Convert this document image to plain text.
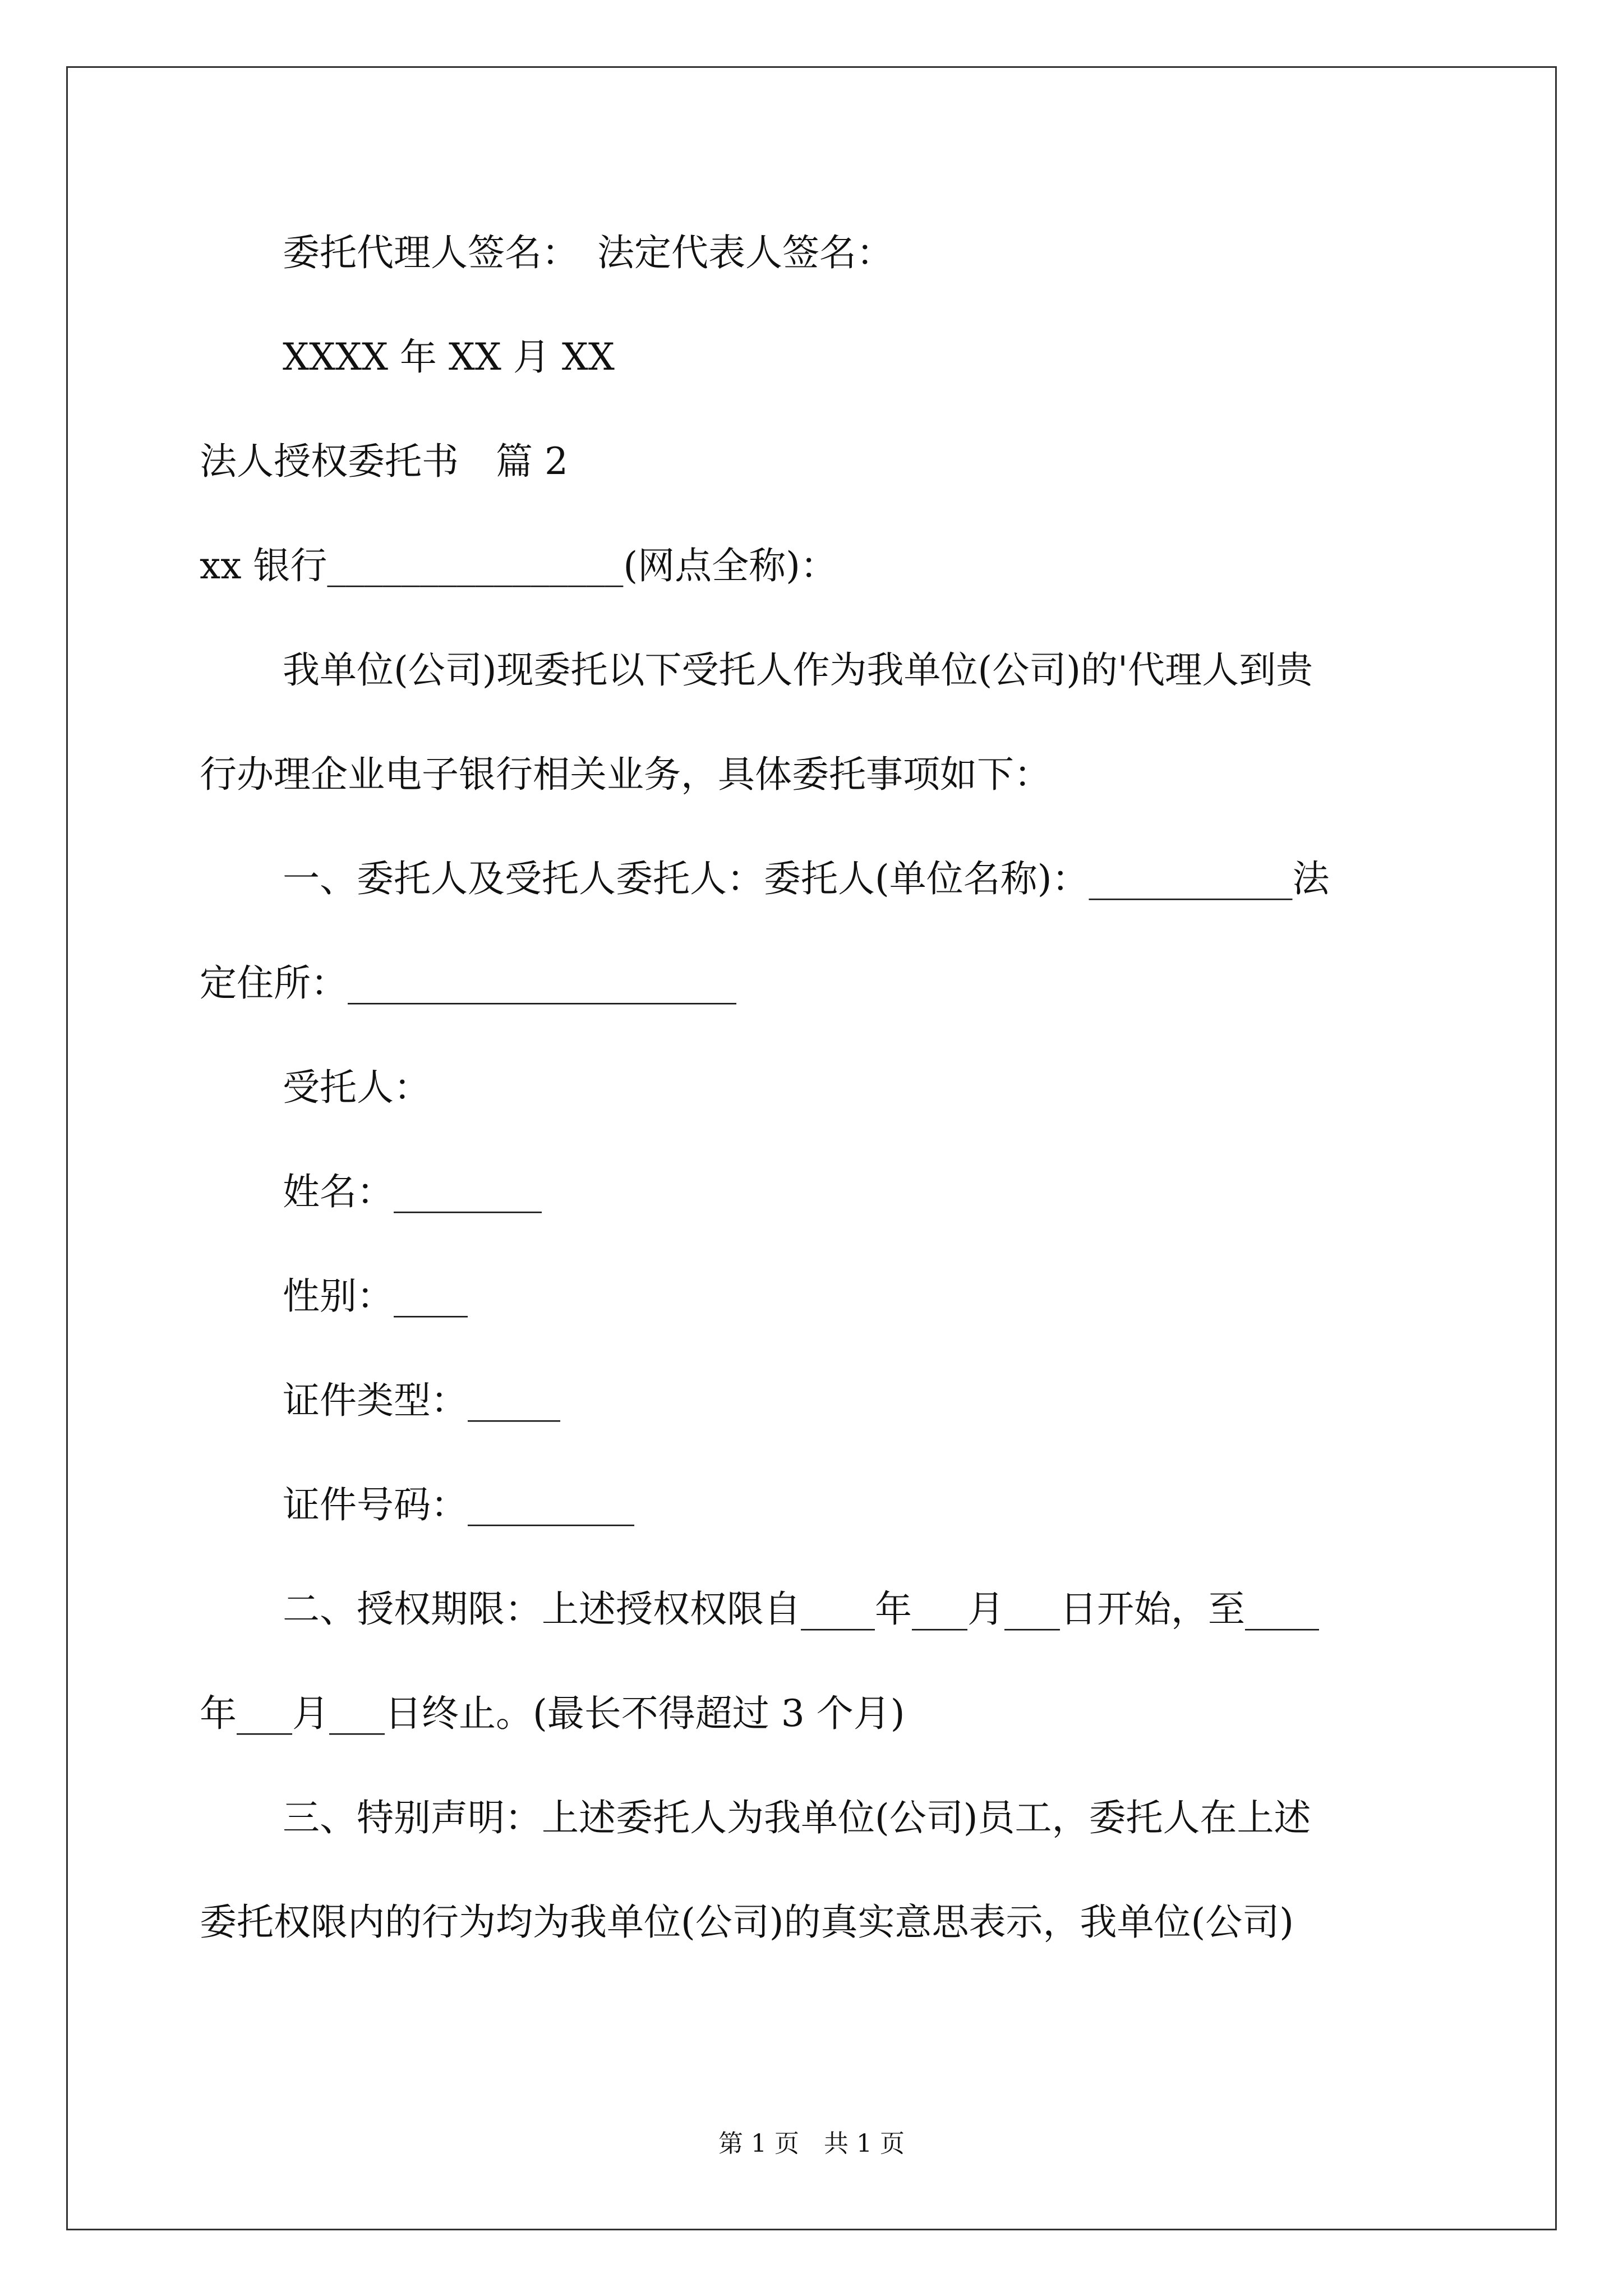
委托代理人签名：　法定代表人签名：
XXXX 年 XX 月 XX
法人授权委托书　篇 2
xx 银行________________(网点全称)：
我单位(公司)现委托以下受托人作为我单位(公司)的'代理人到贵
行办理企业电子银行相关业务，具体委托事项如下：
一、委托人及受托人委托人：委托人(单位名称)：___________法
定住所：_____________________
受托人：
姓名：________
性别：____
证件类型：_____
证件号码：_________
二、授权期限：上述授权权限自____年___月___日开始，至____
年___月___日终止。(最长不得超过 3 个月)
三、特别声明：上述委托人为我单位(公司)员工，委托人在上述
委托权限内的行为均为我单位(公司)的真实意思表示，我单位(公司)
第 1 页　共 1 页
